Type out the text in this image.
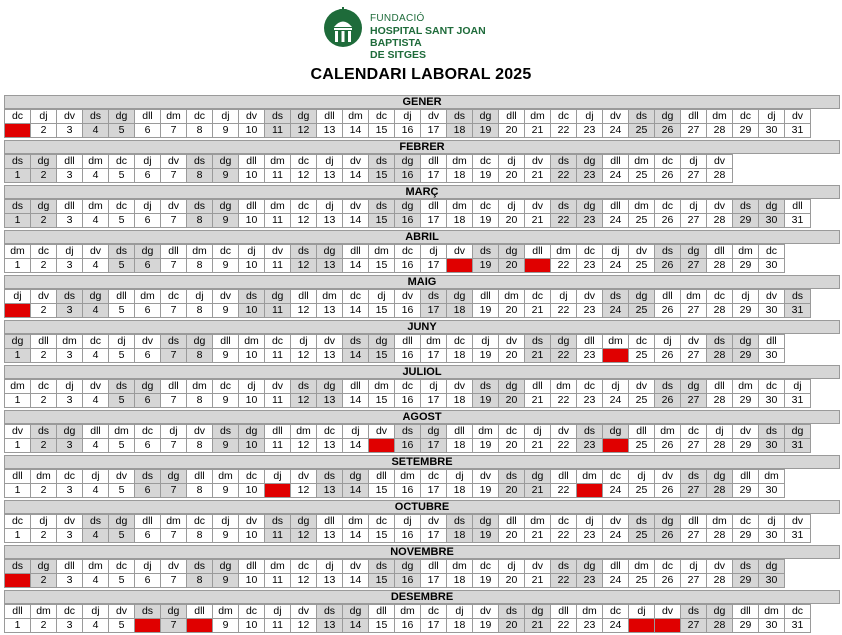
FUNDACIÓ
HOSPITAL SANT JOAN BAPTISTA
DE SITGES
CALENDARI LABORAL 2025
GENER
dc	dj	dv	ds	dg	dll	dm	dc	dj	dv	ds	dg	dll	dm	dc	dj	dv	ds	dg	dll	dm	dc	dj	dv	ds	dg	dll	dm	dc	dj	dv
1	2	3	4	5	6	7	8	9	10	11	12	13	14	15	16	17	18	19	20	21	22	23	24	25	26	27	28	29	30	31
FEBRER
ds	dg	dll	dm	dc	dj	dv	ds	dg	dll	dm	dc	dj	dv	ds	dg	dll	dm	dc	dj	dv	ds	dg	dll	dm	dc	dj	dv
1	2	3	4	5	6	7	8	9	10	11	12	13	14	15	16	17	18	19	20	21	22	23	24	25	26	27	28
MARÇ
ds	dg	dll	dm	dc	dj	dv	ds	dg	dll	dm	dc	dj	dv	ds	dg	dll	dm	dc	dj	dv	ds	dg	dll	dm	dc	dj	dv	ds	dg	dll
1	2	3	4	5	6	7	8	9	10	11	12	13	14	15	16	17	18	19	20	21	22	23	24	25	26	27	28	29	30	31
ABRIL
dm	dc	dj	dv	ds	dg	dll	dm	dc	dj	dv	ds	dg	dll	dm	dc	dj	dv	ds	dg	dll	dm	dc	dj	dv	ds	dg	dll	dm	dc
1	2	3	4	5	6	7	8	9	10	11	12	13	14	15	16	17	18	19	20	21	22	23	24	25	26	27	28	29	30
MAIG
dj	dv	ds	dg	dll	dm	dc	dj	dv	ds	dg	dll	dm	dc	dj	dv	ds	dg	dll	dm	dc	dj	dv	ds	dg	dll	dm	dc	dj	dv	ds
1	2	3	4	5	6	7	8	9	10	11	12	13	14	15	16	17	18	19	20	21	22	23	24	25	26	27	28	29	30	31
JUNY
dg	dll	dm	dc	dj	dv	ds	dg	dll	dm	dc	dj	dv	ds	dg	dll	dm	dc	dj	dv	ds	dg	dll	dm	dc	dj	dv	ds	dg	dll
1	2	3	4	5	6	7	8	9	10	11	12	13	14	15	16	17	18	19	20	21	22	23	24	25	26	27	28	29	30
JULIOL
dm	dc	dj	dv	ds	dg	dll	dm	dc	dj	dv	ds	dg	dll	dm	dc	dj	dv	ds	dg	dll	dm	dc	dj	dv	ds	dg	dll	dm	dc	dj
1	2	3	4	5	6	7	8	9	10	11	12	13	14	15	16	17	18	19	20	21	22	23	24	25	26	27	28	29	30	31
AGOST
dv	ds	dg	dll	dm	dc	dj	dv	ds	dg	dll	dm	dc	dj	dv	ds	dg	dll	dm	dc	dj	dv	ds	dg	dll	dm	dc	dj	dv	ds	dg
1	2	3	4	5	6	7	8	9	10	11	12	13	14	15	16	17	18	19	20	21	22	23	24	25	26	27	28	29	30	31
SETEMBRE
dll	dm	dc	dj	dv	ds	dg	dll	dm	dc	dj	dv	ds	dg	dll	dm	dc	dj	dv	ds	dg	dll	dm	dc	dj	dv	ds	dg	dll	dm
1	2	3	4	5	6	7	8	9	10	11	12	13	14	15	16	17	18	19	20	21	22	23	24	25	26	27	28	29	30
OCTUBRE
dc	dj	dv	ds	dg	dll	dm	dc	dj	dv	ds	dg	dll	dm	dc	dj	dv	ds	dg	dll	dm	dc	dj	dv	ds	dg	dll	dm	dc	dj	dv
1	2	3	4	5	6	7	8	9	10	11	12	13	14	15	16	17	18	19	20	21	22	23	24	25	26	27	28	29	30	31
NOVEMBRE
ds	dg	dll	dm	dc	dj	dv	ds	dg	dll	dm	dc	dj	dv	ds	dg	dll	dm	dc	dj	dv	ds	dg	dll	dm	dc	dj	dv	ds	dg
1	2	3	4	5	6	7	8	9	10	11	12	13	14	15	16	17	18	19	20	21	22	23	24	25	26	27	28	29	30
DESEMBRE
dll	dm	dc	dj	dv	ds	dg	dll	dm	dc	dj	dv	ds	dg	dll	dm	dc	dj	dv	ds	dg	dll	dm	dc	dj	dv	ds	dg	dll	dm	dc
1	2	3	4	5	6	7	8	9	10	11	12	13	14	15	16	17	18	19	20	21	22	23	24	25	26	27	28	29	30	31
